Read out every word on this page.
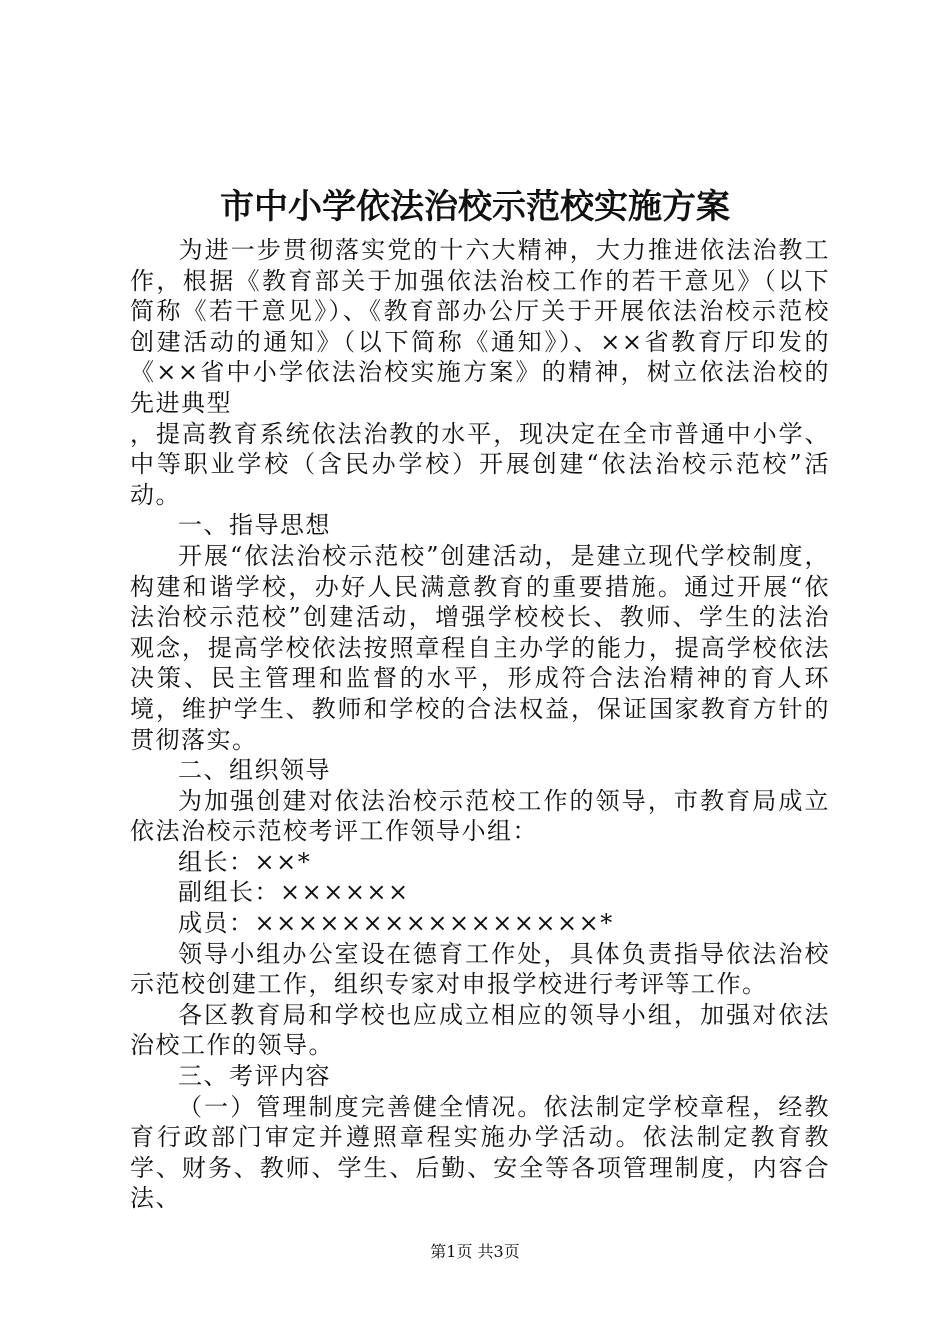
市中小学依法治校示范校实施方案

为进一步贯彻落实党的十六大精神，大力推进依法治教工作，根据《教育部关于加强依法治校工作的若干意见》（以下简称《若干意见》）、《教育部办公厅关于开展依法治校示范校创建活动的通知》（以下简称《通知》）、××省教育厅印发的《××省中小学依法治校实施方案》的精神，树立依法治校的先进典型

，提高教育系统依法治教的水平，现决定在全市普通中小学、中等职业学校（含民办学校）开展创建“依法治校示范校”活动。

一、指导思想

开展“依法治校示范校”创建活动，是建立现代学校制度，构建和谐学校，办好人民满意教育的重要措施。通过开展“依法治校示范校”创建活动，增强学校校长、教师、学生的法治观念，提高学校依法按照章程自主办学的能力，提高学校依法决策、民主管理和监督的水平，形成符合法治精神的育人环境，维护学生、教师和学校的合法权益，保证国家教育方针的贯彻落实。

二、组织领导

为加强创建对依法治校示范校工作的领导，市教育局成立依法治校示范校考评工作领导小组：

组长：××*

副组长：××××××

成员：××××××××××××××××*

领导小组办公室设在德育工作处，具体负责指导依法治校示范校创建工作，组织专家对申报学校进行考评等工作。

各区教育局和学校也应成立相应的领导小组，加强对依法治校工作的领导。

三、考评内容

（一）管理制度完善健全情况。依法制定学校章程，经教育行政部门审定并遵照章程实施办学活动。依法制定教育教学、财务、教师、学生、后勤、安全等各项管理制度，内容合法、

第1页 共3页
